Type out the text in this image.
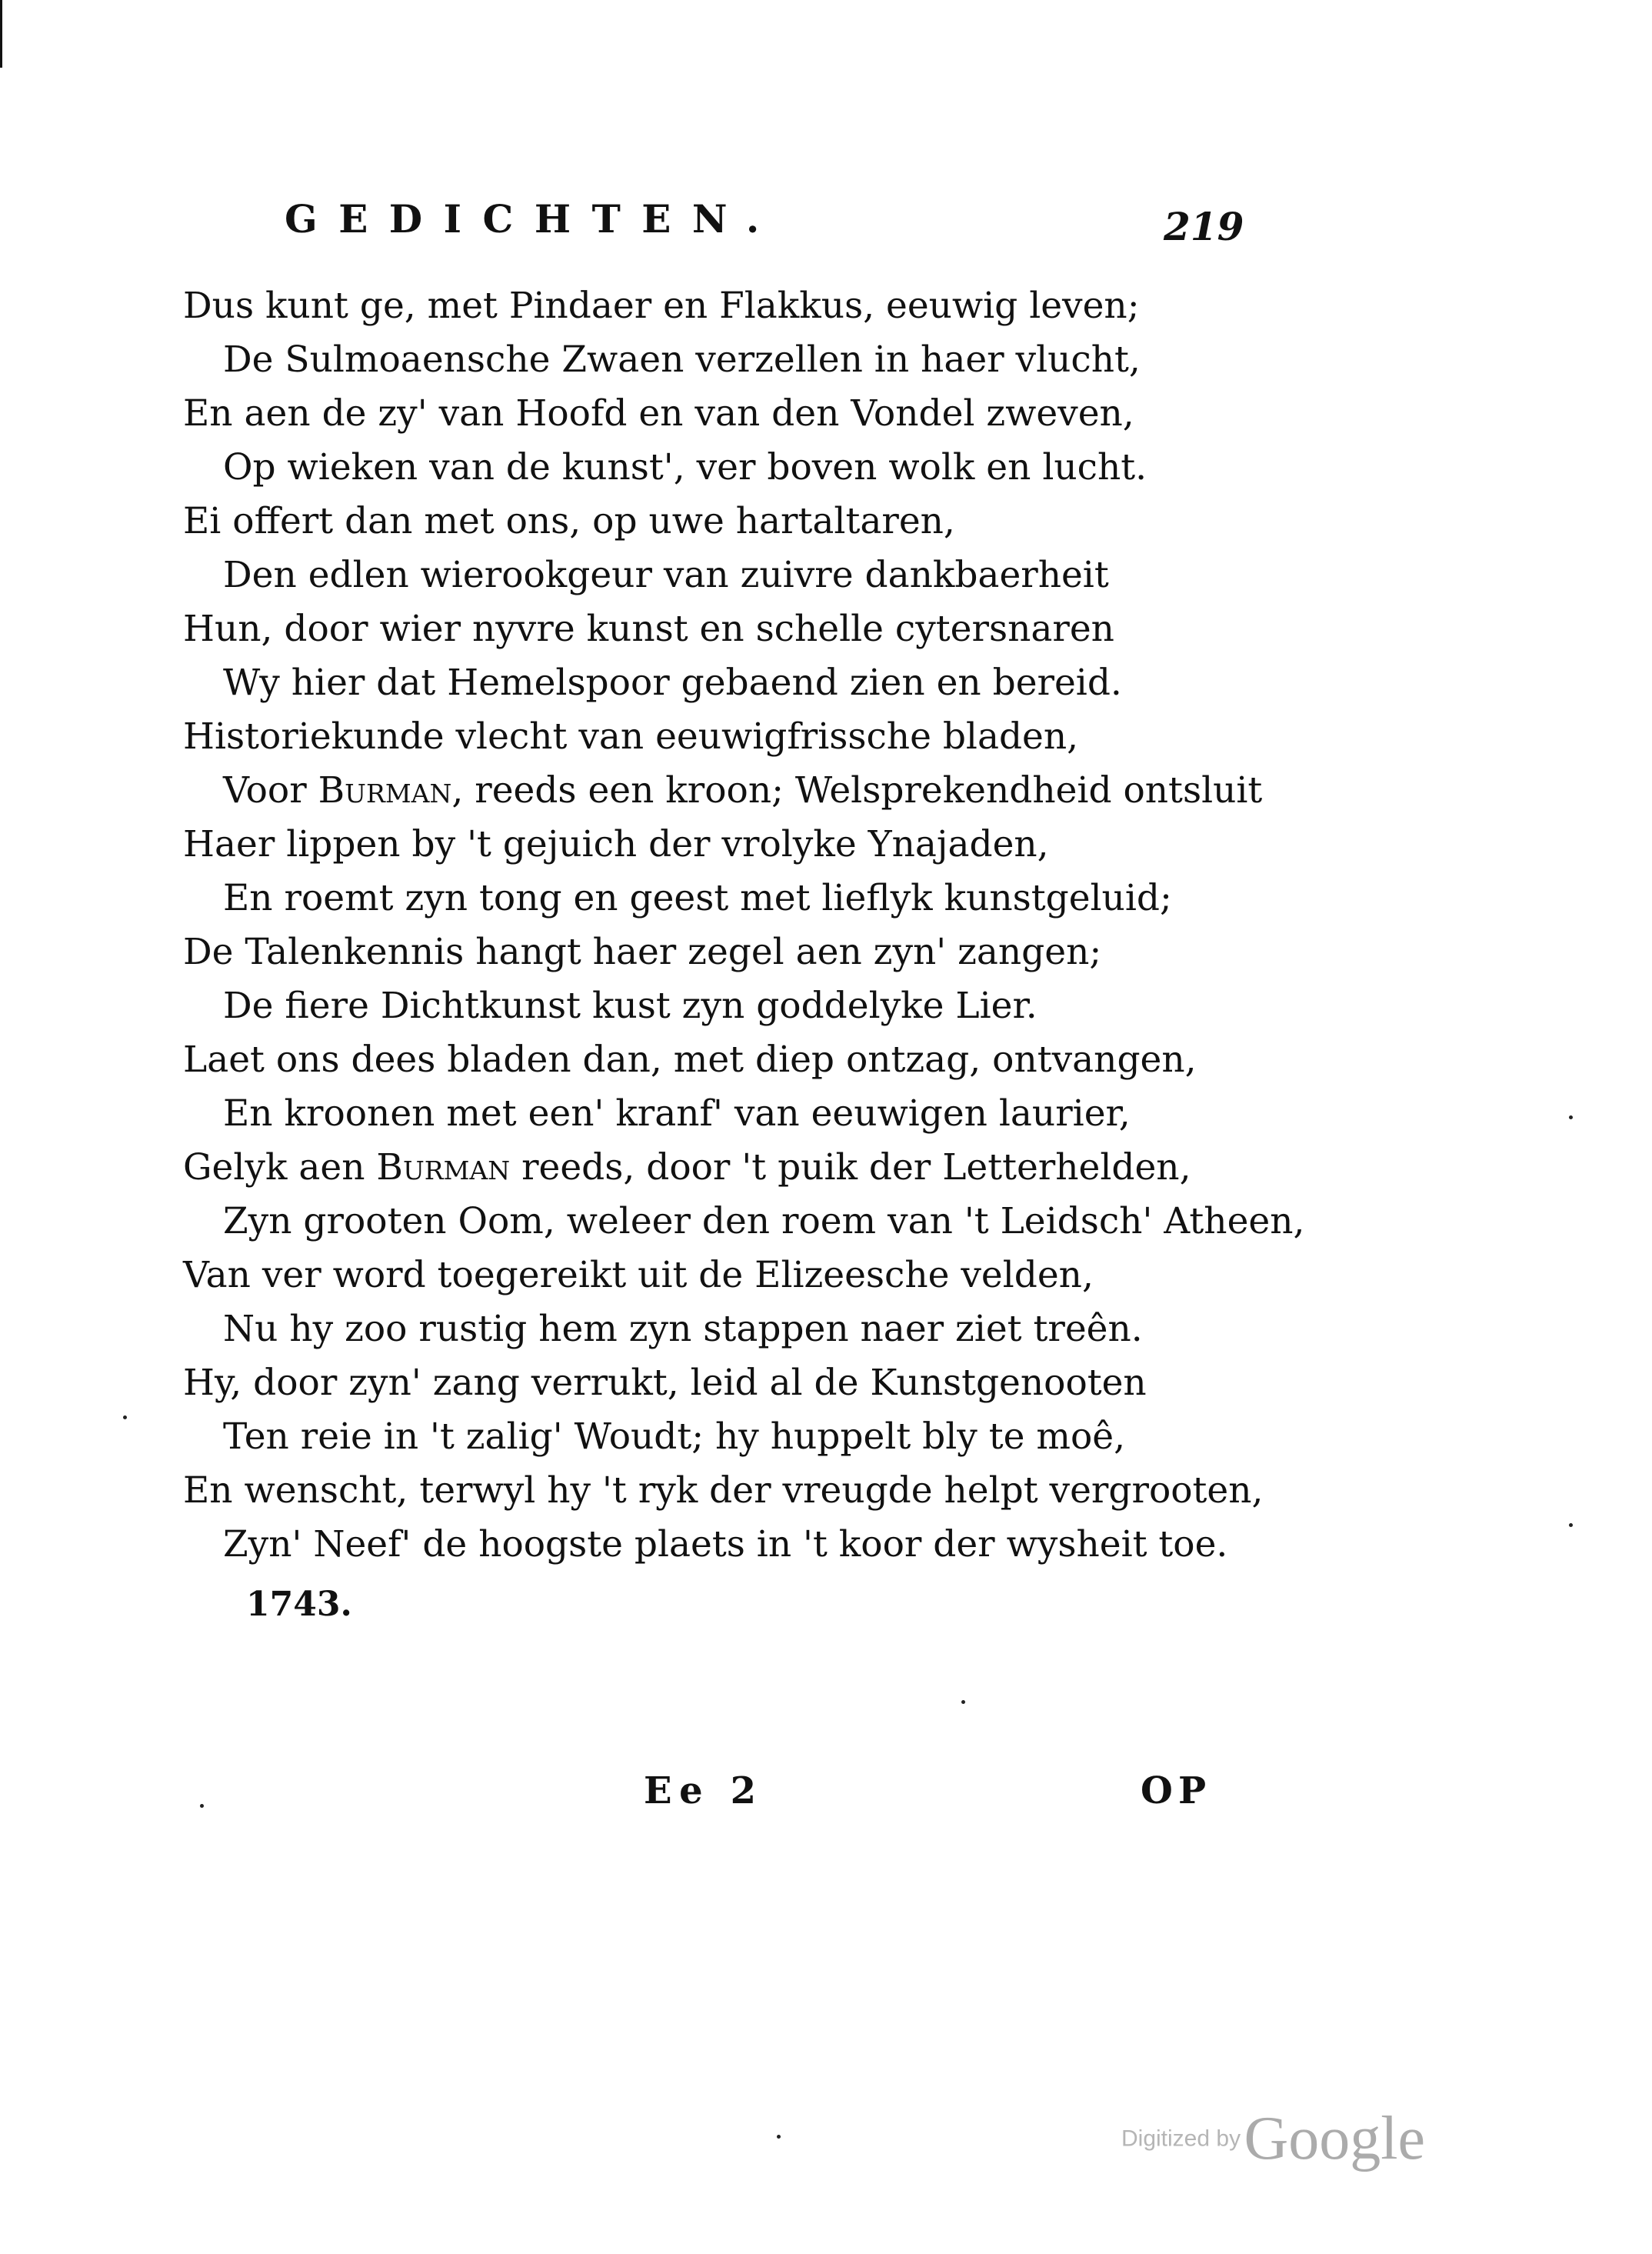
GEDICHTEN.	219
Dus kunt ge, met Pindaer en Flakkus, eeuwig leven;
De Sulmoaensche Zwaen verzellen in haer vlucht,
En aen de zy' van Hoofd en van den Vondel zweven,
Op wieken van de kunst', ver boven wolk en lucht.
Ei offert dan met ons, op uwe hartaltaren,
Den edlen wierookgeur van zuivre dankbaerheit
Hun, door wier nyvre kunst en schelle cytersnaren
Wy hier dat Hemelspoor gebaend zien en bereid.
Historiekunde vlecht van eeuwigfrissche bladen,
Voor Burman, reeds een kroon; Welsprekendheid ontsluit
Haer lippen by 't gejuich der vrolyke Ynajaden,
En roemt zyn tong en geest met lieflyk kunstgeluid;
De Talenkennis hangt haer zegel aen zyn' zangen;
De fiere Dichtkunst kust zyn goddelyke Lier.
Laet ons dees bladen dan, met diep ontzag, ontvangen,
En kroonen met een' kranf' van eeuwigen laurier,
Gelyk aen Burman reeds, door 't puik der Letterhelden,
Zyn grooten Oom, weleer den roem van 't Leidsch' Atheen,
Van ver word toegereikt uit de Elizeesche velden,
Nu hy zoo rustig hem zyn stappen naer ziet treên.
Hy, door zyn' zang verrukt, leid al de Kunstgenooten
Ten reie in 't zalig' Woudt; hy huppelt bly te moê,
En wenscht, terwyl hy 't ryk der vreugde helpt vergrooten,
Zyn' Neef' de hoogste plaets in 't koor der wysheit toe.
1743.
Ee 2	OP
Digitized by Google
